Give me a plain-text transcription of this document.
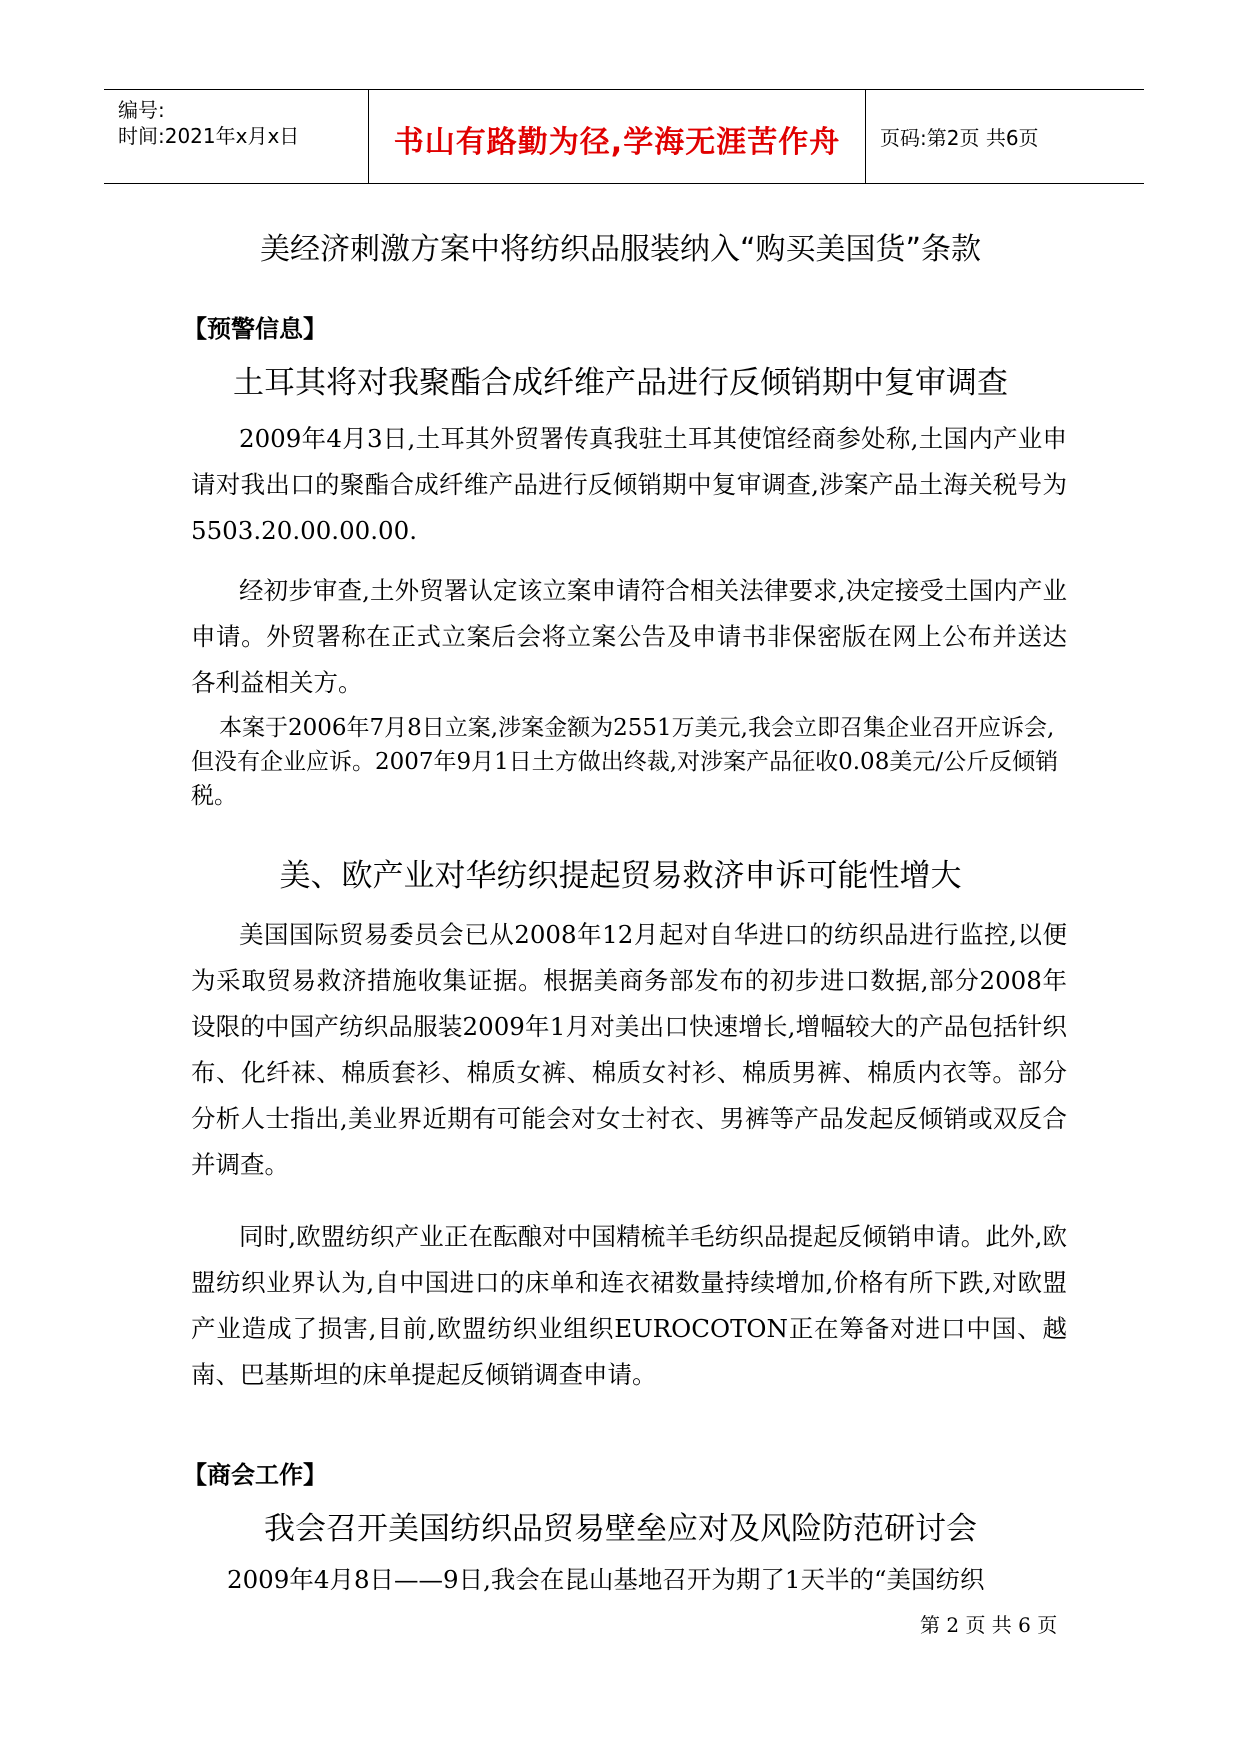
编号:
时间:2021年x月x日	书山有路勤为径,学海无涯苦作舟	页码:第2页 共6页
美经济刺激方案中将纺织品服装纳入“购买美国货”条款
【预警信息】
土耳其将对我聚酯合成纤维产品进行反倾销期中复审调查

2009年4月3日,土耳其外贸署传真我驻土耳其使馆经商参处称,土国内产业申请对我出口的聚酯合成纤维产品进行反倾销期中复审调查,涉案产品土海关税号为5503.20.00.00.00.

经初步审查,土外贸署认定该立案申请符合相关法律要求,决定接受土国内产业申请。外贸署称在正式立案后会将立案公告及申请书非保密版在网上公布并送达各利益相关方。

本案于2006年7月8日立案,涉案金额为2551万美元,我会立即召集企业召开应诉会,但没有企业应诉。2007年9月1日土方做出终裁,对涉案产品征收0.08美元/公斤反倾销税。

美、欧产业对华纺织提起贸易救济申诉可能性增大

美国国际贸易委员会已从2008年12月起对自华进口的纺织品进行监控,以便为采取贸易救济措施收集证据。根据美商务部发布的初步进口数据,部分2008年设限的中国产纺织品服装2009年1月对美出口快速增长,增幅较大的产品包括针织布、化纤袜、棉质套衫、棉质女裤、棉质女衬衫、棉质男裤、棉质内衣等。部分分析人士指出,美业界近期有可能会对女士衬衣、男裤等产品发起反倾销或双反合并调查。

同时,欧盟纺织产业正在酝酿对中国精梳羊毛纺织品提起反倾销申请。此外,欧盟纺织业界认为,自中国进口的床单和连衣裙数量持续增加,价格有所下跌,对欧盟产业造成了损害,目前,欧盟纺织业组织EUROCOTON正在筹备对进口中国、越南、巴基斯坦的床单提起反倾销调查申请。

【商会工作】
我会召开美国纺织品贸易壁垒应对及风险防范研讨会

2009年4月8日——9日,我会在昆山基地召开为期了1天半的“美国纺织

第 2 页 共 6 页
